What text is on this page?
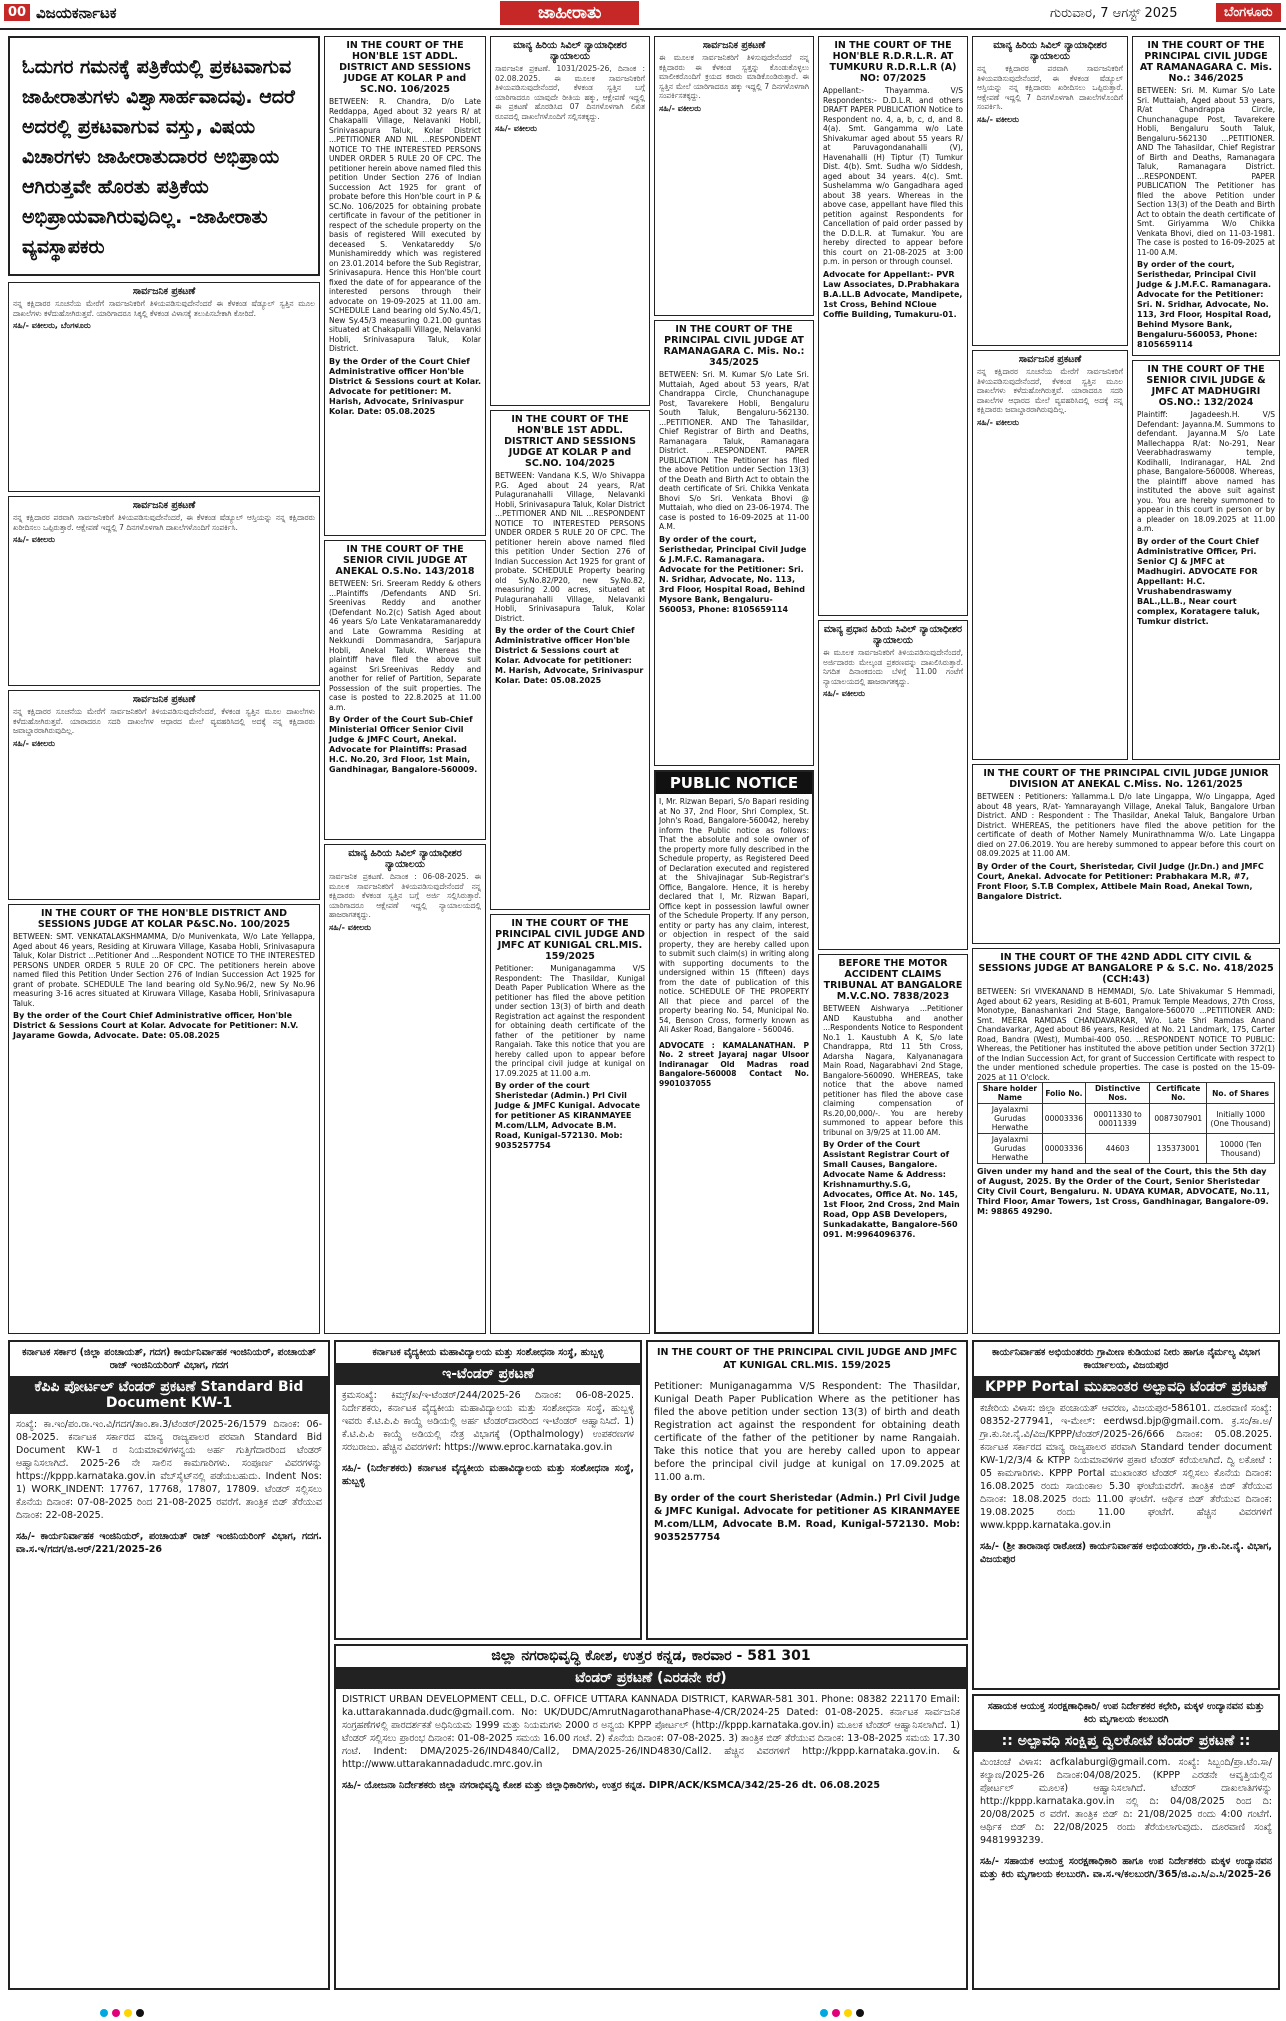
00 ವಿಜಯಕರ್ನಾಟಕ	ಜಾಹೀರಾತು	ಗುರುವಾರ, 7 ಆಗಸ್ಟ್ 2025	ಬೆಂಗಳೂರು
ಓದುಗರ ಗಮನಕ್ಕೆ ಪತ್ರಿಕೆಯಲ್ಲಿ ಪ್ರಕಟವಾಗುವ ಜಾಹೀರಾತುಗಳು ವಿಶ್ವಾಸಾರ್ಹವಾದವು. ಆದರೆ ಅದರಲ್ಲಿ ಪ್ರಕಟವಾಗುವ ವಸ್ತು, ವಿಷಯ ವಿಚಾರಗಳು ಜಾಹೀರಾತುದಾರರ ಅಭಿಪ್ರಾಯ ಆಗಿರುತ್ತವೇ ಹೊರತು ಪತ್ರಿಕೆಯ ಅಭಿಪ್ರಾಯವಾಗಿರುವುದಿಲ್ಲ. -ಜಾಹೀರಾತು ವ್ಯವಸ್ಥಾಪಕರು
ಸಾರ್ವಜನಿಕ ಪ್ರಕಟಣೆ
ನನ್ನ ಕಕ್ಷಿದಾರರ ಸೂಚನೆಯ ಮೇರೆಗೆ ಸಾರ್ವಜನಿಕರಿಗೆ ತಿಳಿಯಪಡಿಸುವುದೇನೆಂದರೆ ಈ ಕೆಳಕಂಡ ಷೆಡ್ಯೂಲ್ ಸ್ವತ್ತಿನ ಮೂಲ ದಾಖಲೆಗಳು ಕಳೆದುಹೋಗಿರುತ್ತವೆ. ಯಾರಿಗಾದರೂ ಸಿಕ್ಕಲ್ಲಿ ಕೆಳಕಂಡ ವಿಳಾಸಕ್ಕೆ ತಲುಪಿಸಬೇಕಾಗಿ ಕೋರಿದೆ.
ಸಹಿ/- ವಕೀಲರು, ಬೆಂಗಳೂರು
ಸಾರ್ವಜನಿಕ ಪ್ರಕಟಣೆ
ನನ್ನ ಕಕ್ಷಿದಾರರ ಪರವಾಗಿ ಸಾರ್ವಜನಿಕರಿಗೆ ತಿಳಿಯಪಡಿಸುವುದೇನೆಂದರೆ, ಈ ಕೆಳಕಂಡ ಷೆಡ್ಯೂಲ್ ಆಸ್ತಿಯನ್ನು ನನ್ನ ಕಕ್ಷಿದಾರರು ಖರೀದಿಸಲು ಒಪ್ಪಿರುತ್ತಾರೆ. ಆಕ್ಷೇಪಣೆ ಇದ್ದಲ್ಲಿ 7 ದಿನಗಳೊಳಗಾಗಿ ದಾಖಲೆಗಳೊಂದಿಗೆ ಸಂಪರ್ಕಿಸಿ.
ಸಹಿ/- ವಕೀಲರು
ಸಾರ್ವಜನಿಕ ಪ್ರಕಟಣೆ
ನನ್ನ ಕಕ್ಷಿದಾರರ ಸೂಚನೆಯ ಮೇರೆಗೆ ಸಾರ್ವಜನಿಕರಿಗೆ ತಿಳಿಯಪಡಿಸುವುದೇನೆಂದರೆ, ಕೆಳಕಂಡ ಸ್ವತ್ತಿನ ಮೂಲ ದಾಖಲೆಗಳು ಕಳೆದುಹೋಗಿರುತ್ತವೆ. ಯಾರಾದರೂ ಸದರಿ ದಾಖಲೆಗಳ ಆಧಾರದ ಮೇಲೆ ವ್ಯವಹರಿಸಿದಲ್ಲಿ ಅದಕ್ಕೆ ನನ್ನ ಕಕ್ಷಿದಾರರು ಜವಾಬ್ದಾರರಾಗಿರುವುದಿಲ್ಲ.
ಸಹಿ/- ವಕೀಲರು
IN THE COURT OF THE HON'BLE DISTRICT AND SESSIONS JUDGE AT KOLAR P&SC.No. 100/2025
BETWEEN: SMT. VENKATALAKSHMAMMA, D/o Munivenkata, W/o Late Yellappa, Aged about 46 years, Residing at Kiruwara Village, Kasaba Hobli, Srinivasapura Taluk, Kolar District ...Petitioner And ...Respondent NOTICE TO THE INTERESTED PERSONS UNDER ORDER 5 RULE 20 OF CPC. The petitioners herein above named filed this Petition Under Section 276 of Indian Succession Act 1925 for grant of probate. SCHEDULE The land bearing old Sy.No.96/2, new Sy No.96 measuring 3-16 acres situated at Kiruwara Village, Kasaba Hobli, Srinivasapura Taluk.
By the order of the Court Chief Administrative officer, Hon'ble District & Sessions Court at Kolar. Advocate for Petitioner: N.V. Jayarame Gowda, Advocate. Date: 05.08.2025
IN THE COURT OF THE HON'BLE 1ST ADDL. DISTRICT AND SESSIONS JUDGE AT KOLAR P and SC.NO. 106/2025
BETWEEN: R. Chandra, D/o Late Reddappa, Aged about 32 years R/ at Chakapalli Village, Nelavanki Hobli, Srinivasapura Taluk, Kolar District ...PETITIONER AND NIL ...RESPONDENT NOTICE TO THE INTERESTED PERSONS UNDER ORDER 5 RULE 20 OF CPC. The petitioner herein above named filed this petition Under Section 276 of Indian Succession Act 1925 for grant of probate before this Hon'ble court in P & SC.No. 106/2025 for obtaining probate certificate in favour of the petitioner in respect of the schedule property on the basis of registered Will executed by deceased S. Venkatareddy S/o Munishamireddy which was registered on 23.01.2014 before the Sub Registrar, Srinivasapura. Hence this Hon'ble court fixed the date of for appearance of the interested persons through their advocate on 19-09-2025 at 11.00 am. SCHEDULE Land bearing old Sy.No.45/1, New Sy.45/3 measuring 0.21.00 guntas situated at Chakapalli Village, Nelavanki Hobli, Srinivasapura Taluk, Kolar District.
By the Order of the Court Chief Administrative officer Hon'ble District & Sessions court at Kolar. Advocate for petitioner: M. Harish, Advocate, Srinivaspur Kolar. Date: 05.08.2025
IN THE COURT OF THE SENIOR CIVIL JUDGE AT ANEKAL O.S.No. 143/2018
BETWEEN: Sri. Sreeram Reddy & others ...Plaintiffs /Defendants AND Sri. Sreenivas Reddy and another (Defendant No.2(c) Satish Aged about 46 years S/o Late Venkataramanareddy and Late Gowramma Residing at Nekkundi Dommasandra, Sarjapura Hobli, Anekal Taluk. Whereas the plaintiff have filed the above suit against Sri.Sreenivas Reddy and another for relief of Partition, Separate Possession of the suit properties. The case is posted to 22.8.2025 at 11.00 a.m.
By Order of the Court Sub-Chief Ministerial Officer Senior Civil Judge & JMFC Court, Anekal. Advocate for Plaintiffs: Prasad H.C. No.20, 3rd Floor, 1st Main, Gandhinagar, Bangalore-560009.
ಮಾನ್ಯ ಹಿರಿಯ ಸಿವಿಲ್ ನ್ಯಾಯಾಧೀಶರ ನ್ಯಾಯಾಲಯ
ಸಾರ್ವಜನಿಕ ಪ್ರಕಟಣೆ. ದಿನಾಂಕ : 06-08-2025. ಈ ಮೂಲಕ ಸಾರ್ವಜನಿಕರಿಗೆ ತಿಳಿಯಪಡಿಸುವುದೇನೆಂದರೆ ನನ್ನ ಕಕ್ಷಿದಾರರು ಕೆಳಕಂಡ ಸ್ವತ್ತಿನ ಬಗ್ಗೆ ಅರ್ಜಿ ಸಲ್ಲಿಸಿರುತ್ತಾರೆ. ಯಾರಿಗಾದರೂ ಆಕ್ಷೇಪಣೆ ಇದ್ದಲ್ಲಿ ನ್ಯಾಯಾಲಯದಲ್ಲಿ ಹಾಜರಾಗತಕ್ಕದ್ದು.
ಸಹಿ/- ವಕೀಲರು
ಮಾನ್ಯ ಹಿರಿಯ ಸಿವಿಲ್ ನ್ಯಾಯಾಧೀಶರ ನ್ಯಾಯಾಲಯ
ಸಾರ್ವಜನಿಕ ಪ್ರಕಟಣೆ. 1031/2025-26, ದಿನಾಂಕ : 02.08.2025. ಈ ಮೂಲಕ ಸಾರ್ವಜನಿಕರಿಗೆ ತಿಳಿಯಪಡಿಸುವುದೇನೆಂದರೆ, ಕೆಳಕಂಡ ಸ್ವತ್ತಿನ ಬಗ್ಗೆ ಯಾರಿಗಾದರೂ ಯಾವುದೇ ರೀತಿಯ ಹಕ್ಕು, ಆಕ್ಷೇಪಣೆ ಇದ್ದಲ್ಲಿ ಈ ಪ್ರಕಟಣೆ ಹೊರಡಿಸಿದ 07 ದಿನಗಳೊಳಗಾಗಿ ಲಿಖಿತ ರೂಪದಲ್ಲಿ ದಾಖಲೆಗಳೊಂದಿಗೆ ಸಲ್ಲಿಸತಕ್ಕದ್ದು.
ಸಹಿ/- ವಕೀಲರು
IN THE COURT OF THE HON'BLE 1ST ADDL. DISTRICT AND SESSIONS JUDGE AT KOLAR P and SC.NO. 104/2025
BETWEEN: Vandana K.S, W/o Shivappa P.G. Aged about 24 years, R/at Pulaguranahalli Village, Nelavanki Hobli, Srinivasapura Taluk, Kolar District ...PETITIONER AND NIL ...RESPONDENT NOTICE TO INTERESTED PERSONS UNDER ORDER 5 RULE 20 OF CPC. The petitioner herein above named filed this petition Under Section 276 of Indian Succession Act 1925 for grant of probate. SCHEDULE Property bearing old Sy.No.82/P20, new Sy.No.82, measuring 2.00 acres, situated at Pulaguranahalli Village, Nelavanki Hobli, Srinivasapura Taluk, Kolar District.
By the order of the Court Chief Administrative officer Hon'ble District & Sessions court at Kolar. Advocate for petitioner: M. Harish, Advocate, Srinivaspur Kolar. Date: 05.08.2025
IN THE COURT OF THE PRINCIPAL CIVIL JUDGE AND JMFC AT KUNIGAL CRL.MIS. 159/2025
Petitioner: Muniganagamma V/S Respondent: The Thasildar, Kunigal Death Paper Publication Where as the petitioner has filed the above petition under section 13(3) of birth and death Registration act against the respondent for obtaining death certificate of the father of the petitioner by name Rangaiah. Take this notice that you are hereby called upon to appear before the principal civil judge at kunigal on 17.09.2025 at 11.00 a.m.
By order of the court Sheristedar (Admin.) Prl Civil Judge & JMFC Kunigal. Advocate for petitioner AS KIRANMAYEE M.com/LLM, Advocate B.M. Road, Kunigal-572130. Mob: 9035257754
ಸಾರ್ವಜನಿಕ ಪ್ರಕಟಣೆ
ಈ ಮೂಲಕ ಸಾರ್ವಜನಿಕರಿಗೆ ತಿಳಿಸುವುದೇನೆಂದರೆ ನನ್ನ ಕಕ್ಷಿದಾರರು ಈ ಕೆಳಕಂಡ ಸ್ವತ್ತನ್ನು ಕೊಂಡುಕೊಳ್ಳಲು ಮಾಲೀಕರೊಂದಿಗೆ ಕ್ರಯದ ಕರಾರು ಮಾಡಿಕೊಂಡಿರುತ್ತಾರೆ. ಈ ಸ್ವತ್ತಿನ ಮೇಲೆ ಯಾರಿಗಾದರೂ ಹಕ್ಕು ಇದ್ದಲ್ಲಿ 7 ದಿನಗಳೊಳಗಾಗಿ ಸಂಪರ್ಕಿಸತಕ್ಕದ್ದು.
ಸಹಿ/- ವಕೀಲರು
IN THE COURT OF THE PRINCIPAL CIVIL JUDGE AT RAMANAGARA C. Mis. No.: 345/2025
BETWEEN: Sri. M. Kumar S/o Late Sri. Muttaiah, Aged about 53 years, R/at Chandrappa Circle, Chunchanagupe Post, Tavarekere Hobli, Bengaluru South Taluk, Bengaluru-562130. ...PETITIONER. AND The Tahasildar, Chief Registrar of Birth and Deaths, Ramanagara Taluk, Ramanagara District. ...RESPONDENT. PAPER PUBLICATION The Petitioner has filed the above Petition under Section 13(3) of the Death and Birth Act to obtain the death certificate of Sri. Chikka Venkata Bhovi S/o Sri. Venkata Bhovi @ Muttaiah, who died on 23-06-1974. The case is posted to 16-09-2025 at 11-00 A.M.
By order of the court, Seristhedar, Principal Civil Judge & J.M.F.C. Ramanagara. Advocate for the Petitioner: Sri. N. Sridhar, Advocate, No. 113, 3rd Floor, Hospital Road, Behind Mysore Bank, Bengaluru-560053, Phone: 8105659114
PUBLIC NOTICE
I, Mr. Rizwan Bepari, S/o Bapari residing at No 37, 2nd Floor, Shri Complex, St. John's Road, Bangalore-560042, hereby inform the Public notice as follows: That the absolute and sole owner of the property more fully described in the Schedule property, as Registered Deed of Declaration executed and registered at the Shivajinagar Sub-Registrar's Office, Bangalore. Hence, it is hereby declared that I, Mr. Rizwan Bapari, Office kept in possession lawful owner of the Schedule Property. If any person, entity or party has any claim, interest, or objection in respect of the said property, they are hereby called upon to submit such claim(s) in writing along with supporting documents to the undersigned within 15 (fifteen) days from the date of publication of this notice. SCHEDULE OF THE PROPERTY All that piece and parcel of the property bearing No. 54, Municipal No. 54, Benson Cross, formerly known as Ali Asker Road, Bangalore - 560046.
ADVOCATE : KAMALANATHAN. P No. 2 street Jayaraj nagar Ulsoor Indiranagar Old Madras road Bangalore-560008 Contact No. 9901037055
IN THE COURT OF THE HON'BLE R.D.R.L.R. AT TUMKURU R.D.R.L.R (A) NO: 07/2025
Appellant:- Thayamma. V/S Respondents:- D.D.L.R. and others DRAFT PAPER PUBLICATION Notice to Respondent no. 4, a, b, c, d, and 8. 4(a). Smt. Gangamma w/o Late Shivakumar aged about 55 years R/ at Paruvagondanahalli (V), Havenahalli (H) Tiptur (T) Tumkur Dist. 4(b). Smt. Sudha w/o Siddesh, aged about 34 years. 4(c). Smt. Sushelamma w/o Gangadhara aged about 38 years. Whereas in the above case, appellant have filed this petition against Respondents for Cancellation of paid order passed by the D.D.L.R. at Tumakur. You are hereby directed to appear before this court on 21-08-2025 at 3:00 p.m. in person or through counsel.
Advocate for Appellant:- PVR Law Associates, D.Prabhakara B.A.LL.B Advocate, Mandipete, 1st Cross, Behind NCloue Coffie Building, Tumakuru-01.
ಮಾನ್ಯ ಪ್ರಧಾನ ಹಿರಿಯ ಸಿವಿಲ್ ನ್ಯಾಯಾಧೀಶರ ನ್ಯಾಯಾಲಯ
ಈ ಮೂಲಕ ಸಾರ್ವಜನಿಕರಿಗೆ ತಿಳಿಯಪಡಿಸುವುದೇನೆಂದರೆ, ಅರ್ಜಿದಾರರು ಮೇಲ್ಕಂಡ ಪ್ರಕರಣವನ್ನು ದಾಖಲಿಸಿರುತ್ತಾರೆ. ನಿಗದಿತ ದಿನಾಂಕದಂದು ಬೆಳಿಗ್ಗೆ 11.00 ಗಂಟೆಗೆ ನ್ಯಾಯಾಲಯದಲ್ಲಿ ಹಾಜರಾಗತಕ್ಕದ್ದು.
ಸಹಿ/- ವಕೀಲರು
BEFORE THE MOTOR ACCIDENT CLAIMS TRIBUNAL AT BANGALORE M.V.C.NO. 7838/2023
BETWEEN Aishwarya ...Petitioner AND Kaustubha and another ...Respondents Notice to Respondent No.1 1. Kaustubh A K, S/o late Chandrappa, Rtd 11 5th Cross, Adarsha Nagara, Kalyananagara Main Road, Nagarabhavi 2nd Stage, Bangalore-560090. WHEREAS, take notice that the above named petitioner has filed the above case claiming compensation of Rs.20,00,000/-. You are hereby summoned to appear before this tribunal on 3/9/25 at 11.00 AM.
By Order of the Court Assistant Registrar Court of Small Causes, Bangalore. Advocate Name & Address: Krishnamurthy.S.G, Advocates, Office At. No. 145, 1st Floor, 2nd Cross, 2nd Main Road, Opp ASB Developers, Sunkadakatte, Bangalore-560 091. M:9964096376.
ಮಾನ್ಯ ಹಿರಿಯ ಸಿವಿಲ್ ನ್ಯಾಯಾಧೀಶರ ನ್ಯಾಯಾಲಯ
ನನ್ನ ಕಕ್ಷಿದಾರರ ಪರವಾಗಿ ಸಾರ್ವಜನಿಕರಿಗೆ ತಿಳಿಯಪಡಿಸುವುದೇನೆಂದರೆ, ಈ ಕೆಳಕಂಡ ಷೆಡ್ಯೂಲ್ ಆಸ್ತಿಯನ್ನು ನನ್ನ ಕಕ್ಷಿದಾರರು ಖರೀದಿಸಲು ಒಪ್ಪಿರುತ್ತಾರೆ. ಆಕ್ಷೇಪಣೆ ಇದ್ದಲ್ಲಿ 7 ದಿನಗಳೊಳಗಾಗಿ ದಾಖಲೆಗಳೊಂದಿಗೆ ಸಂಪರ್ಕಿಸಿ.
ಸಹಿ/- ವಕೀಲರು
ಸಾರ್ವಜನಿಕ ಪ್ರಕಟಣೆ
ನನ್ನ ಕಕ್ಷಿದಾರರ ಸೂಚನೆಯ ಮೇರೆಗೆ ಸಾರ್ವಜನಿಕರಿಗೆ ತಿಳಿಯಪಡಿಸುವುದೇನೆಂದರೆ, ಕೆಳಕಂಡ ಸ್ವತ್ತಿನ ಮೂಲ ದಾಖಲೆಗಳು ಕಳೆದುಹೋಗಿರುತ್ತವೆ. ಯಾರಾದರೂ ಸದರಿ ದಾಖಲೆಗಳ ಆಧಾರದ ಮೇಲೆ ವ್ಯವಹರಿಸಿದಲ್ಲಿ ಅದಕ್ಕೆ ನನ್ನ ಕಕ್ಷಿದಾರರು ಜವಾಬ್ದಾರರಾಗಿರುವುದಿಲ್ಲ.
ಸಹಿ/- ವಕೀಲರು
IN THE COURT OF THE PRINCIPAL CIVIL JUDGE AT RAMANAGARA C. Mis. No.: 346/2025
BETWEEN: Sri. M. Kumar S/o Late Sri. Muttaiah, Aged about 53 years, R/at Chandrappa Circle, Chunchanagupe Post, Tavarekere Hobli, Bengaluru South Taluk, Bengaluru-562130 ...PETITIONER. AND The Tahasildar, Chief Registrar of Birth and Deaths, Ramanagara Taluk, Ramanagara District. ...RESPONDENT. PAPER PUBLICATION The Petitioner has filed the above Petition under Section 13(3) of the Death and Birth Act to obtain the death certificate of Smt. Giriyamma W/o Chikka Venkata Bhovi, died on 11-03-1981. The case is posted to 16-09-2025 at 11-00 A.M.
By order of the court, Seristhedar, Principal Civil Judge & J.M.F.C. Ramanagara. Advocate for the Petitioner: Sri. N. Sridhar, Advocate, No. 113, 3rd Floor, Hospital Road, Behind Mysore Bank, Bengaluru-560053, Phone: 8105659114
IN THE COURT OF THE SENIOR CIVIL JUDGE & JMFC AT MADHUGIRI OS.NO.: 132/2024
Plaintiff: Jagadeesh.H. V/S Defendant: Jayanna.M. Summons to defendant. Jayanna.M S/o Late Mallechappa R/at: No-291, Near Veerabhadraswamy temple, Kodihalli, Indiranagar, HAL 2nd phase, Bangalore-560008. Whereas, the plaintiff above named has instituted the above suit against you. You are hereby summoned to appear in this court in person or by a pleader on 18.09.2025 at 11.00 a.m.
By order of the Court Chief Administrative Officer, Pri. Senior CJ & JMFC at Madhugiri. ADVOCATE FOR Appellant: H.C. Vrushabendraswamy BAL.,LL.B., Near court complex, Koratagere taluk, Tumkur district.
IN THE COURT OF THE PRINCIPAL CIVIL JUDGE JUNIOR DIVISION AT ANEKAL C.Miss. No. 1261/2025
BETWEEN : Petitioners: Yallamma.L D/o late Lingappa, W/o Lingappa, Aged about 48 years, R/at- Yamnarayangh Village, Anekal Taluk, Bangalore Urban District. AND : Respondent : The Thasildar, Anekal Taluk, Bangalore Urban District. WHEREAS, the petitioners have filed the above petition for the certificate of death of Mother Namely Munirathnamma W/o. Late Lingappa died on 27.06.2019. You are hereby summoned to appear before this court on 08.09.2025 at 11.00 AM.
By Order of the Court, Sheristedar, Civil Judge (Jr.Dn.) and JMFC Court, Anekal. Advocate for Petitioner: Prabhakara M.R, #7, Front Floor, S.T.B Complex, Attibele Main Road, Anekal Town, Bangalore District.
IN THE COURT OF THE 42ND ADDL CITY CIVIL & SESSIONS JUDGE AT BANGALORE P & S.C. No. 418/2025 (CCH:43)
BETWEEN: Sri VIVEKANAND B HEMMADI, S/o. Late Shivakumar S Hemmadi, Aged about 62 years, Residing at B-601, Pramuk Temple Meadows, 27th Cross, Monotype, Banashankari 2nd Stage, Bangalore-560070 ...PETITIONER AND: Smt. MEERA RAMDAS CHANDAVARKAR, W/o. Late Shri Ramdas Anand Chandavarkar, Aged about 86 years, Resided at No. 21 Landmark, 175, Carter Road, Bandra (West), Mumbai-400 050. ...RESPONDENT NOTICE TO PUBLIC: Whereas, the Petitioner has instituted the above petition under Section 372(1) of the Indian Succession Act, for grant of Succession Certificate with respect to the under mentioned schedule properties. The case is posted on the 15-09-2025 at 11 O'clock.
Share holder Name	Folio No.	Distinctive Nos.	Certificate No.	No. of Shares
Jayalaxmi Gurudas Herwathe	00003336	00011330 to 00011339	0087307901	Initially 1000 (One Thousand)
Jayalaxmi Gurudas Herwathe	00003336	44603	135373001	10000 (Ten Thousand)
Given under my hand and the seal of the Court, this the 5th day of August, 2025. By the Order of the Court, Senior Sheristedar City Civil Court, Bengaluru. N. UDAYA KUMAR, ADVOCATE, No.11, Third Floor, Amar Towers, 1st Cross, Gandhinagar, Bangalore-09. M: 98865 49290.
ಕರ್ನಾಟಕ ಸರ್ಕಾರ (ಜಿಲ್ಲಾ ಪಂಚಾಯತ್, ಗದಗ) ಕಾರ್ಯನಿರ್ವಾಹಕ ಇಂಜಿನಿಯರ್, ಪಂಚಾಯತ್ ರಾಜ್ ಇಂಜಿನಿಯರಿಂಗ್ ವಿಭಾಗ, ಗದಗ
ಕೆಪಿಪಿ ಪೋರ್ಟಲ್ ಟೆಂಡರ್ ಪ್ರಕಟಣೆ Standard Bid Document KW-1
ಸಂಖ್ಯೆ: ಕಾ.ಇಂ/ಪಂ.ರಾ.ಇಂ.ವಿ/ಗದಗ/ತಾಂ.ಶಾ.3/ಟೆಂಡರ್/2025-26/1579 ದಿನಾಂಕ: 06-08-2025. ಕರ್ನಾಟಕ ಸರ್ಕಾರದ ಮಾನ್ಯ ರಾಜ್ಯಪಾಲರ ಪರವಾಗಿ Standard Bid Document KW-1 ರ ನಿಯಮಾವಳಿಗಳನ್ವಯ ಅರ್ಹ ಗುತ್ತಿಗೆದಾರರಿಂದ ಟೆಂಡರ್ ಆಹ್ವಾನಿಸಲಾಗಿದೆ. 2025-26 ನೇ ಸಾಲಿನ ಕಾಮಗಾರಿಗಳು. ಸಂಪೂರ್ಣ ವಿವರಗಳನ್ನು https://kppp.karnataka.gov.in ವೆಬ್‌ಸೈಟ್‌ನಲ್ಲಿ ಪಡೆಯಬಹುದು. Indent Nos: 1) WORK_INDENT: 17767, 17768, 17807, 17809. ಟೆಂಡರ್ ಸಲ್ಲಿಸಲು ಕೊನೆಯ ದಿನಾಂಕ: 07-08-2025 ರಿಂದ 21-08-2025 ರವರೆಗೆ. ತಾಂತ್ರಿಕ ಬಿಡ್ ತೆರೆಯುವ ದಿನಾಂಕ: 22-08-2025.
ಸಹಿ/- ಕಾರ್ಯನಿರ್ವಾಹಕ ಇಂಜಿನಿಯರ್, ಪಂಚಾಯತ್ ರಾಜ್ ಇಂಜಿನಿಯರಿಂಗ್ ವಿಭಾಗ, ಗದಗ. ವಾ.ಸ.ಇ/ಗದಗ/ಜಿ.ಆರ್/221/2025-26
ಕರ್ನಾಟಕ ವೈದ್ಯಕೀಯ ಮಹಾವಿದ್ಯಾಲಯ ಮತ್ತು ಸಂಶೋಧನಾ ಸಂಸ್ಥೆ, ಹುಬ್ಬಳ್ಳಿ
ಇ-ಟೆಂಡರ್ ಪ್ರಕಟಣೆ
ಕ್ರಮಸಂಖ್ಯೆ: ಕಿಮ್ಸ್/ಖ/ಇ-ಟೆಂಡರ್/244/2025-26 ದಿನಾಂಕ: 06-08-2025. ನಿರ್ದೇಶಕರು, ಕರ್ನಾಟಕ ವೈದ್ಯಕೀಯ ಮಹಾವಿದ್ಯಾಲಯ ಮತ್ತು ಸಂಶೋಧನಾ ಸಂಸ್ಥೆ, ಹುಬ್ಬಳ್ಳಿ ಇವರು ಕೆ.ಟಿ.ಪಿ.ಪಿ ಕಾಯ್ದೆ ಅಡಿಯಲ್ಲಿ ಅರ್ಹ ಟೆಂಡರ್‌ದಾರರಿಂದ ಇ-ಟೆಂಡರ್ ಆಹ್ವಾನಿಸಿದೆ. 1) ಕೆ.ಟಿ.ಪಿ.ಪಿ ಕಾಯ್ದೆ ಅಡಿಯಲ್ಲಿ ನೇತ್ರ ವಿಭಾಗಕ್ಕೆ (Opthalmology) ಉಪಕರಣಗಳ ಸರಬರಾಜು. ಹೆಚ್ಚಿನ ವಿವರಗಳಿಗೆ: https://www.eproc.karnataka.gov.in
ಸಹಿ/- (ನಿರ್ದೇಶಕರು) ಕರ್ನಾಟಕ ವೈದ್ಯಕೀಯ ಮಹಾವಿದ್ಯಾಲಯ ಮತ್ತು ಸಂಶೋಧನಾ ಸಂಸ್ಥೆ, ಹುಬ್ಬಳ್ಳಿ
ಜಿಲ್ಲಾ ನಗರಾಭಿವೃದ್ಧಿ ಕೋಶ, ಉತ್ತರ ಕನ್ನಡ, ಕಾರವಾರ - 581 301
ಟೆಂಡರ್ ಪ್ರಕಟಣೆ (ಎರಡನೇ ಕರೆ)
DISTRICT URBAN DEVELOPMENT CELL, D.C. OFFICE UTTARA KANNADA DISTRICT, KARWAR-581 301. Phone: 08382 221170 Email: ka.uttarakannada.dudc@gmail.com. No: UK/DUDC/AmrutNagarothanaPhase-4/CR/2024-25 Dated: 01-08-2025. ಕರ್ನಾಟಕ ಸಾರ್ವಜನಿಕ ಸಂಗ್ರಹಣೆಗಳಲ್ಲಿ ಪಾರದರ್ಶಕತೆ ಅಧಿನಿಯಮ 1999 ಮತ್ತು ನಿಯಮಗಳು 2000 ರ ಅನ್ವಯ KPPP ಪೋರ್ಟಲ್ (http://kppp.karnataka.gov.in) ಮೂಲಕ ಟೆಂಡರ್ ಆಹ್ವಾನಿಸಲಾಗಿದೆ. 1) ಟೆಂಡರ್ ಸಲ್ಲಿಸಲು ಪ್ರಾರಂಭ ದಿನಾಂಕ: 01-08-2025 ಸಮಯ 16.00 ಗಂಟೆ. 2) ಕೊನೆಯ ದಿನಾಂಕ: 07-08-2025. 3) ತಾಂತ್ರಿಕ ಬಿಡ್ ತೆರೆಯುವ ದಿನಾಂಕ: 13-08-2025 ಸಮಯ 17.30 ಗಂಟೆ. Indent: DMA/2025-26/IND4840/Call2, DMA/2025-26/IND4830/Call2. ಹೆಚ್ಚಿನ ವಿವರಗಳಿಗೆ http://kppp.karnataka.gov.in. & http://www.uttarakannadadudc.mrc.gov.in
ಸಹಿ/- ಯೋಜನಾ ನಿರ್ದೇಶಕರು ಜಿಲ್ಲಾ ನಗರಾಭಿವೃದ್ಧಿ ಕೋಶ ಮತ್ತು ಜಿಲ್ಲಾಧಿಕಾರಿಗಳು, ಉತ್ತರ ಕನ್ನಡ. DIPR/ACK/KSMCA/342/25-26 dt. 06.08.2025
IN THE COURT OF THE PRINCIPAL CIVIL JUDGE AND JMFC AT KUNIGAL CRL.MIS. 159/2025
Petitioner: Muniganagamma V/S Respondent: The Thasildar, Kunigal Death Paper Publication Where as the petitioner has filed the above petition under section 13(3) of birth and death Registration act against the respondent for obtaining death certificate of the father of the petitioner by name Rangaiah. Take this notice that you are hereby called upon to appear before the principal civil judge at kunigal on 17.09.2025 at 11.00 a.m.
By order of the court Sheristedar (Admin.) Prl Civil Judge & JMFC Kunigal. Advocate for petitioner AS KIRANMAYEE M.com/LLM, Advocate B.M. Road, Kunigal-572130. Mob: 9035257754
ಕಾರ್ಯನಿರ್ವಾಹಕ ಅಭಿಯಂತರರು ಗ್ರಾಮೀಣ ಕುಡಿಯುವ ನೀರು ಹಾಗೂ ನೈರ್ಮಲ್ಯ ವಿಭಾಗ ಕಾರ್ಯಾಲಯ, ವಿಜಯಪುರ
KPPP Portal ಮುಖಾಂತರ ಅಲ್ಪಾವಧಿ ಟೆಂಡರ್ ಪ್ರಕಟಣೆ
ಕಚೇರಿಯ ವಿಳಾಸ: ಜಿಲ್ಲಾ ಪಂಚಾಯತ್ ಆವರಣ, ವಿಜಯಪುರ-586101. ದೂರವಾಣಿ ಸಂಖ್ಯೆ: 08352-277941, ಇ-ಮೇಲ್: eerdwsd.bjp@gmail.com. ಕ್ರ.ಸಂ/ಕಾ.ಅ/ಗ್ರಾ.ಕು.ನೀ.ನೈ.ವಿ/ವಿಜ/KPPP/ಟೆಂಡರ್/2025-26/666 ದಿನಾಂಕ: 05.08.2025. ಕರ್ನಾಟಕ ಸರ್ಕಾರದ ಮಾನ್ಯ ರಾಜ್ಯಪಾಲರ ಪರವಾಗಿ Standard tender document KW-1/2/3/4 & KTPP ನಿಯಮಾವಳಿಗಳ ಪ್ರಕಾರ ಟೆಂಡರ್ ಕರೆಯಲಾಗಿದೆ. ದ್ವಿ ಲಕೋಟೆ : 05 ಕಾಮಗಾರಿಗಳು. KPPP Portal ಮುಖಾಂತರ ಟೆಂಡರ್ ಸಲ್ಲಿಸಲು ಕೊನೆಯ ದಿನಾಂಕ: 16.08.2025 ರಂದು ಸಾಯಂಕಾಲ 5.30 ಘಂಟೆಯವರೆಗೆ. ತಾಂತ್ರಿಕ ಬಿಡ್ ತೆರೆಯುವ ದಿನಾಂಕ: 18.08.2025 ರಂದು 11.00 ಘಂಟೆಗೆ. ಆರ್ಥಿಕ ಬಿಡ್ ತೆರೆಯುವ ದಿನಾಂಕ: 19.08.2025 ರಂದು 11.00 ಘಂಟೆಗೆ. ಹೆಚ್ಚಿನ ವಿವರಗಳಿಗೆ www.kppp.karnataka.gov.in
ಸಹಿ/- (ಶ್ರೀ ತಾರಾನಾಥ ರಾಠೋಡ) ಕಾರ್ಯನಿರ್ವಾಹಕ ಅಭಿಯಂತರರು, ಗ್ರಾ.ಕು.ನೀ.ನೈ. ವಿಭಾಗ, ವಿಜಯಪುರ
ಸಹಾಯಕ ಆಯುಕ್ತ ಸಂರಕ್ಷಣಾಧಿಕಾರಿ/ ಉಪ ನಿರ್ದೇಶಕರ ಕಛೇರಿ, ಮಕ್ಕಳ ಉದ್ಯಾನವನ ಮತ್ತು ಕಿರು ಮೃಗಾಲಯ ಕಲಬುರಗಿ
:: ಅಲ್ಪಾವಧಿ ಸಂಕ್ಷಿಪ್ತ ದ್ವಿಲಕೋಟೆ ಟೆಂಡರ್ ಪ್ರಕಟಣೆ ::
ಮಿಂಚಂಚೆ ವಿಳಾಸ: acfkalaburgi@gmail.com. ಸಂಖ್ಯೆ: ಸಿಬ್ಬಂದಿ/ಪ್ರಾ.ಟೆಂ.ಸಾ/ಕಲ್ಯಾಣ/2025-26 ದಿನಾಂಕ:04/08/2025. (KPPP ಎರಡನೇ ಆವೃತ್ತಿಯಲ್ಲಿನ ಪೋರ್ಟಲ್ ಮೂಲಕ) ಆಹ್ವಾನಿಸಲಾಗಿದೆ. ಟೆಂಡರ್ ದಾಖಲಾತಿಗಳನ್ನು http://kppp.karnataka.gov.in ನಲ್ಲಿ ದಿ: 04/08/2025 ರಿಂದ ದಿ: 20/08/2025 ರ ವರೆಗೆ. ತಾಂತ್ರಿಕ ಬಿಡ್ ದಿ: 21/08/2025 ರಂದು 4:00 ಗಂಟೆಗೆ. ಆರ್ಥಿಕ ಬಿಡ್ ದಿ: 22/08/2025 ರಂದು ತೆರೆಯಲಾಗುವುದು. ದೂರವಾಣಿ ಸಂಖ್ಯೆ 9481993239.
ಸಹಿ/- ಸಹಾಯಕ ಆಯುಕ್ತ ಸಂರಕ್ಷಣಾಧಿಕಾರಿ ಹಾಗೂ ಉಪ ನಿರ್ದೇಶಕರು ಮಕ್ಕಳ ಉದ್ಯಾನವನ ಮತ್ತು ಕಿರು ಮೃಗಾಲಯ ಕಲಬುರಗಿ. ವಾ.ಸ.ಇ/ಕಲಬುರಗಿ/365/ಜಿ.ಎ.ಸಿ/ಎ.ಸಿ/2025-26
